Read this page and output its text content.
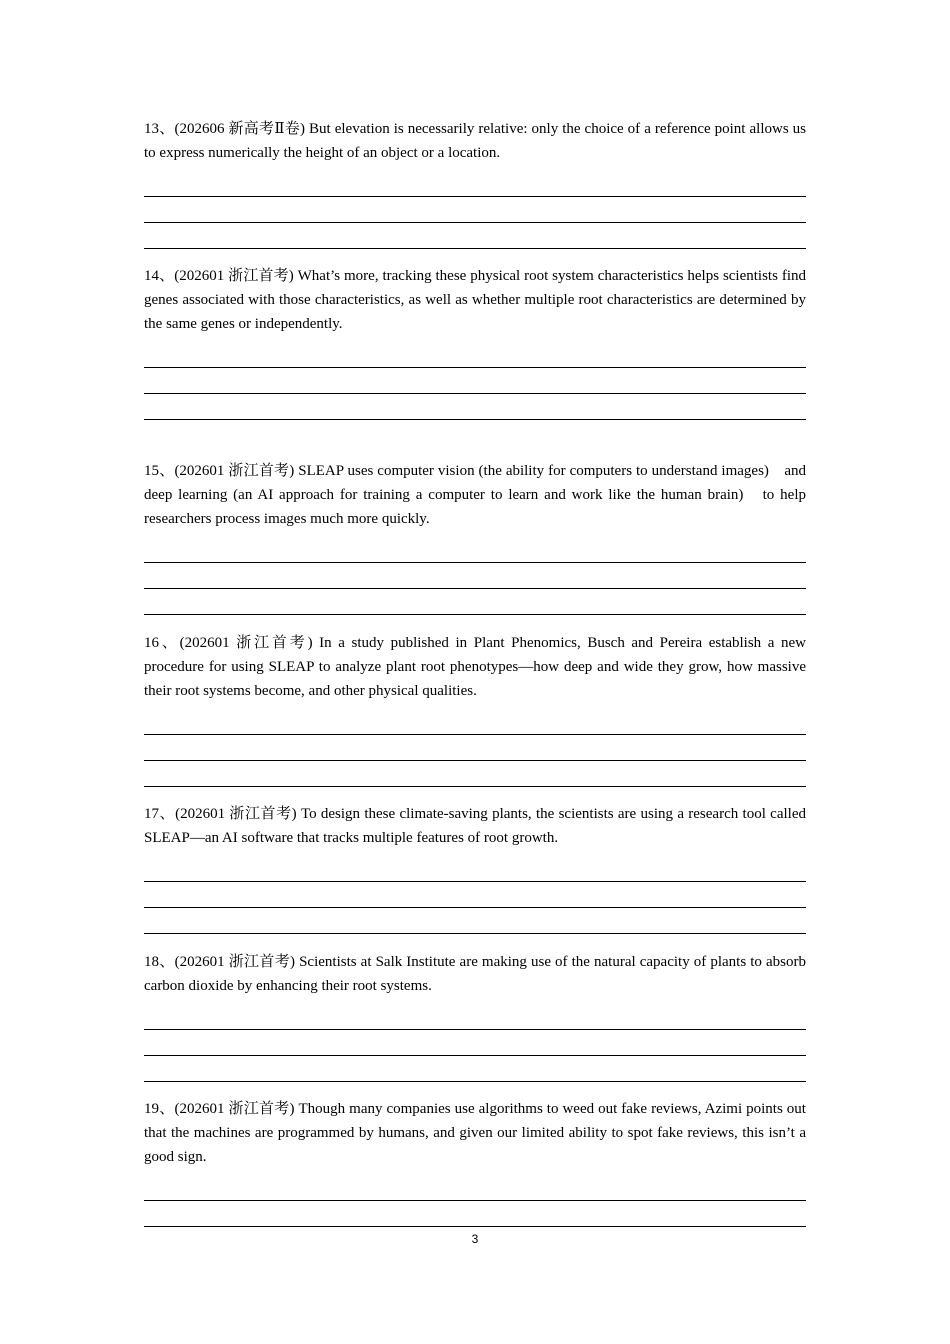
13、(202606 新高考Ⅱ卷) But elevation is necessarily relative: only the choice of a reference point allows us to express numerically the height of an object or a location.

14、(202601 浙江首考) What’s more, tracking these physical root system characteristics helps scientists find genes associated with those characteristics, as well as whether multiple root characteristics are determined by the same genes or independently.

15、(202601 浙江首考) SLEAP uses computer vision (the ability for computers to understand images)　and deep learning (an AI approach for training a computer to learn and work like the human brain)　to help researchers process images much more quickly.

16、(202601 浙江首考) In a study published in Plant Phenomics, Busch and Pereira establish a new procedure for using SLEAP to analyze plant root phenotypes—how deep and wide they grow, how massive their root systems become, and other physical qualities.

17、(202601 浙江首考) To design these climate-saving plants, the scientists are using a research tool called SLEAP—an AI software that tracks multiple features of root growth.

18、(202601 浙江首考) Scientists at Salk Institute are making use of the natural capacity of plants to absorb carbon dioxide by enhancing their root systems.

19、(202601 浙江首考) Though many companies use algorithms to weed out fake reviews, Azimi points out that the machines are programmed by humans, and given our limited ability to spot fake reviews, this isn’t a good sign.

3
